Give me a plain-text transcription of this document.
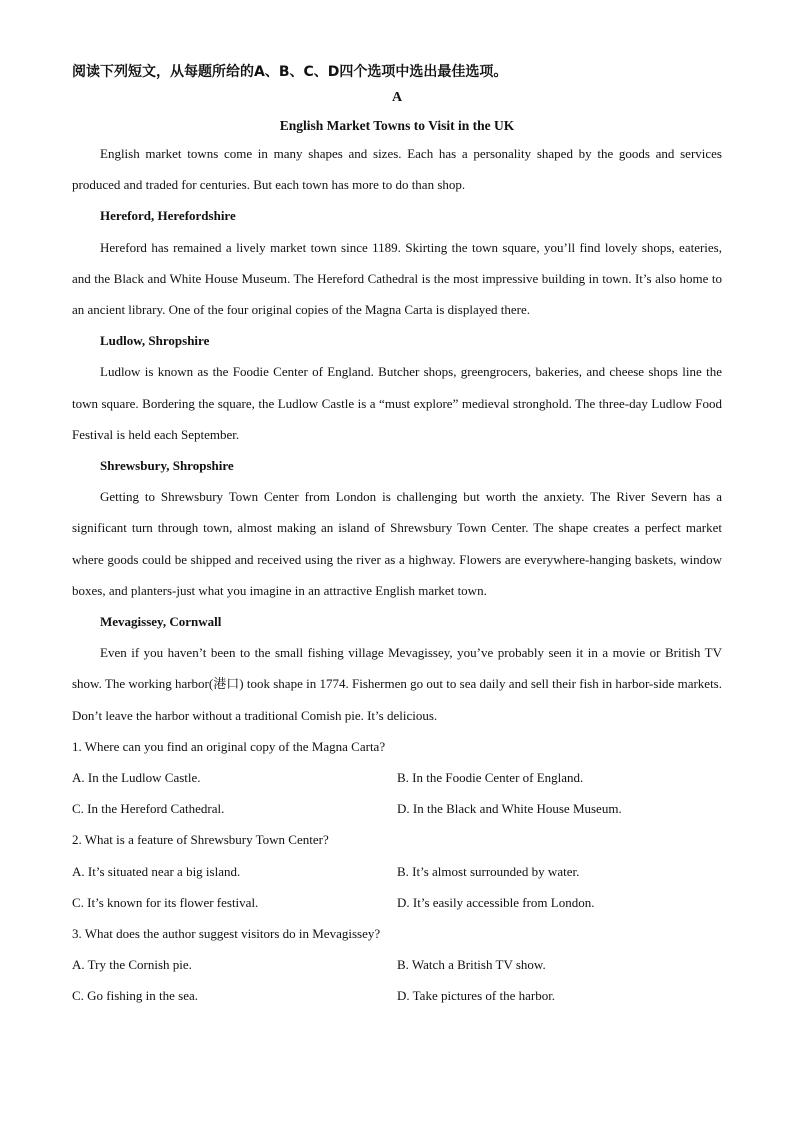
阅读下列短文，从每题所给的A、B、C、D四个选项中选出最佳选项。
A
English Market Towns to Visit in the UK

English market towns come in many shapes and sizes. Each has a personality shaped by the goods and services produced and traded for centuries. But each town has more to do than shop.

Hereford, Herefordshire

Hereford has remained a lively market town since 1189. Skirting the town square, you’ll find lovely shops, eateries, and the Black and White House Museum. The Hereford Cathedral is the most impressive building in town. It’s also home to an ancient library. One of the four original copies of the Magna Carta is displayed there.

Ludlow, Shropshire

Ludlow is known as the Foodie Center of England. Butcher shops, greengrocers, bakeries, and cheese shops line the town square. Bordering the square, the Ludlow Castle is a “must explore” medieval stronghold. The three-day Ludlow Food Festival is held each September.

Shrewsbury, Shropshire

Getting to Shrewsbury Town Center from London is challenging but worth the anxiety. The River Severn has a significant turn through town, almost making an island of Shrewsbury Town Center. The shape creates a perfect market where goods could be shipped and received using the river as a highway. Flowers are everywhere-hanging baskets, window boxes, and planters-just what you imagine in an attractive English market town.

Mevagissey, Cornwall

Even if you haven’t been to the small fishing village Mevagissey, you’ve probably seen it in a movie or British TV show. The working harbor(港口) took shape in 1774. Fishermen go out to sea daily and sell their fish in harbor-side markets. Don’t leave the harbor without a traditional Comish pie. It’s delicious.

1. Where can you find an original copy of the Magna Carta?

A. In the Ludlow Castle.	B. In the Foodie Center of England.
C. In the Hereford Cathedral.	D. In the Black and White House Museum.

2. What is a feature of Shrewsbury Town Center?

A. It’s situated near a big island.	B. It’s almost surrounded by water.
C. It’s known for its flower festival.	D. It’s easily accessible from London.

3. What does the author suggest visitors do in Mevagissey?

A. Try the Cornish pie.	B. Watch a British TV show.
C. Go fishing in the sea.	D. Take pictures of the harbor.
